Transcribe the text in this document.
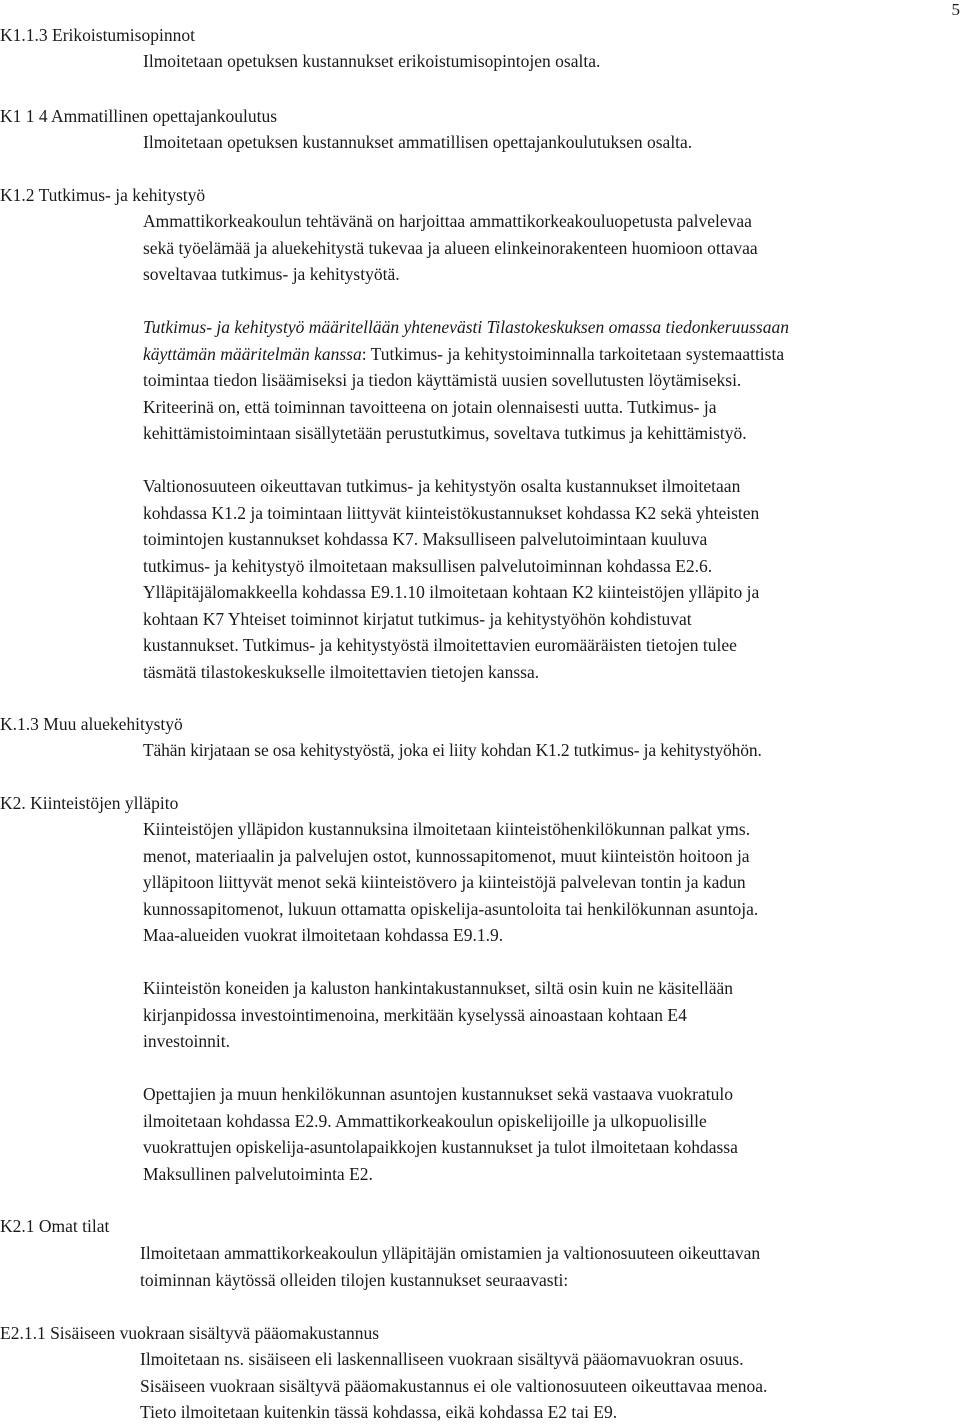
5
K1.1.3 Erikoistumisopinnot
Ilmoitetaan opetuksen kustannukset erikoistumisopintojen osalta.
K1 1 4 Ammatillinen opettajankoulutus
Ilmoitetaan opetuksen kustannukset ammatillisen opettajankoulutuksen osalta.
K1.2 Tutkimus- ja kehitystyö
Ammattikorkeakoulun tehtävänä on harjoittaa ammattikorkeakouluopetusta palvelevaa
sekä työelämää ja aluekehitystä tukevaa ja alueen elinkeinorakenteen huomioon ottavaa
soveltavaa tutkimus- ja kehitystyötä.
Tutkimus- ja kehitystyö määritellään yhtenevästi Tilastokeskuksen omassa tiedonkeruussaan
käyttämän määritelmän kanssa: Tutkimus- ja kehitystoiminnalla tarkoitetaan systemaattista
toimintaa tiedon lisäämiseksi ja tiedon käyttämistä uusien sovellutusten löytämiseksi.
Kriteerinä on, että toiminnan tavoitteena on jotain olennaisesti uutta. Tutkimus- ja
kehittämistoimintaan sisällytetään perustutkimus, soveltava tutkimus ja kehittämistyö.
Valtionosuuteen oikeuttavan tutkimus- ja kehitystyön osalta kustannukset ilmoitetaan
kohdassa K1.2 ja toimintaan liittyvät kiinteistökustannukset kohdassa K2 sekä yhteisten
toimintojen kustannukset kohdassa K7. Maksulliseen palvelutoimintaan kuuluva
tutkimus- ja kehitystyö ilmoitetaan maksullisen palvelutoiminnan kohdassa E2.6.
Ylläpitäjälomakkeella kohdassa E9.1.10 ilmoitetaan kohtaan K2 kiinteistöjen ylläpito ja
kohtaan K7 Yhteiset toiminnot kirjatut tutkimus- ja kehitystyöhön kohdistuvat
kustannukset. Tutkimus- ja kehitystyöstä ilmoitettavien euromääräisten tietojen tulee
täsmätä tilastokeskukselle ilmoitettavien tietojen kanssa.
K.1.3 Muu aluekehitystyö
Tähän kirjataan se osa kehitystyöstä, joka ei liity kohdan K1.2 tutkimus- ja kehitystyöhön.
K2. Kiinteistöjen ylläpito
Kiinteistöjen ylläpidon kustannuksina ilmoitetaan kiinteistöhenkilökunnan palkat yms.
menot, materiaalin ja palvelujen ostot, kunnossapitomenot, muut kiinteistön hoitoon ja
ylläpitoon liittyvät menot sekä kiinteistövero ja kiinteistöjä palvelevan tontin ja kadun
kunnossapitomenot, lukuun ottamatta opiskelija-asuntoloita tai henkilökunnan asuntoja.
Maa-alueiden vuokrat ilmoitetaan kohdassa E9.1.9.
Kiinteistön koneiden ja kaluston hankintakustannukset, siltä osin kuin ne käsitellään
kirjanpidossa investointimenoina, merkitään kyselyssä ainoastaan kohtaan E4
investoinnit.
Opettajien ja muun henkilökunnan asuntojen kustannukset sekä vastaava vuokratulo
ilmoitetaan kohdassa E2.9. Ammattikorkeakoulun opiskelijoille ja ulkopuolisille
vuokrattujen opiskelija-asuntolapaikkojen kustannukset ja tulot ilmoitetaan kohdassa
Maksullinen palvelutoiminta E2.
K2.1 Omat tilat
Ilmoitetaan ammattikorkeakoulun ylläpitäjän omistamien ja valtionosuuteen oikeuttavan
toiminnan käytössä olleiden tilojen kustannukset seuraavasti:
E2.1.1 Sisäiseen vuokraan sisältyvä pääomakustannus
Ilmoitetaan ns. sisäiseen eli laskennalliseen vuokraan sisältyvä pääomavuokran osuus.
Sisäiseen vuokraan sisältyvä pääomakustannus ei ole valtionosuuteen oikeuttavaa menoa.
Tieto ilmoitetaan kuitenkin tässä kohdassa, eikä kohdassa E2 tai E9.
